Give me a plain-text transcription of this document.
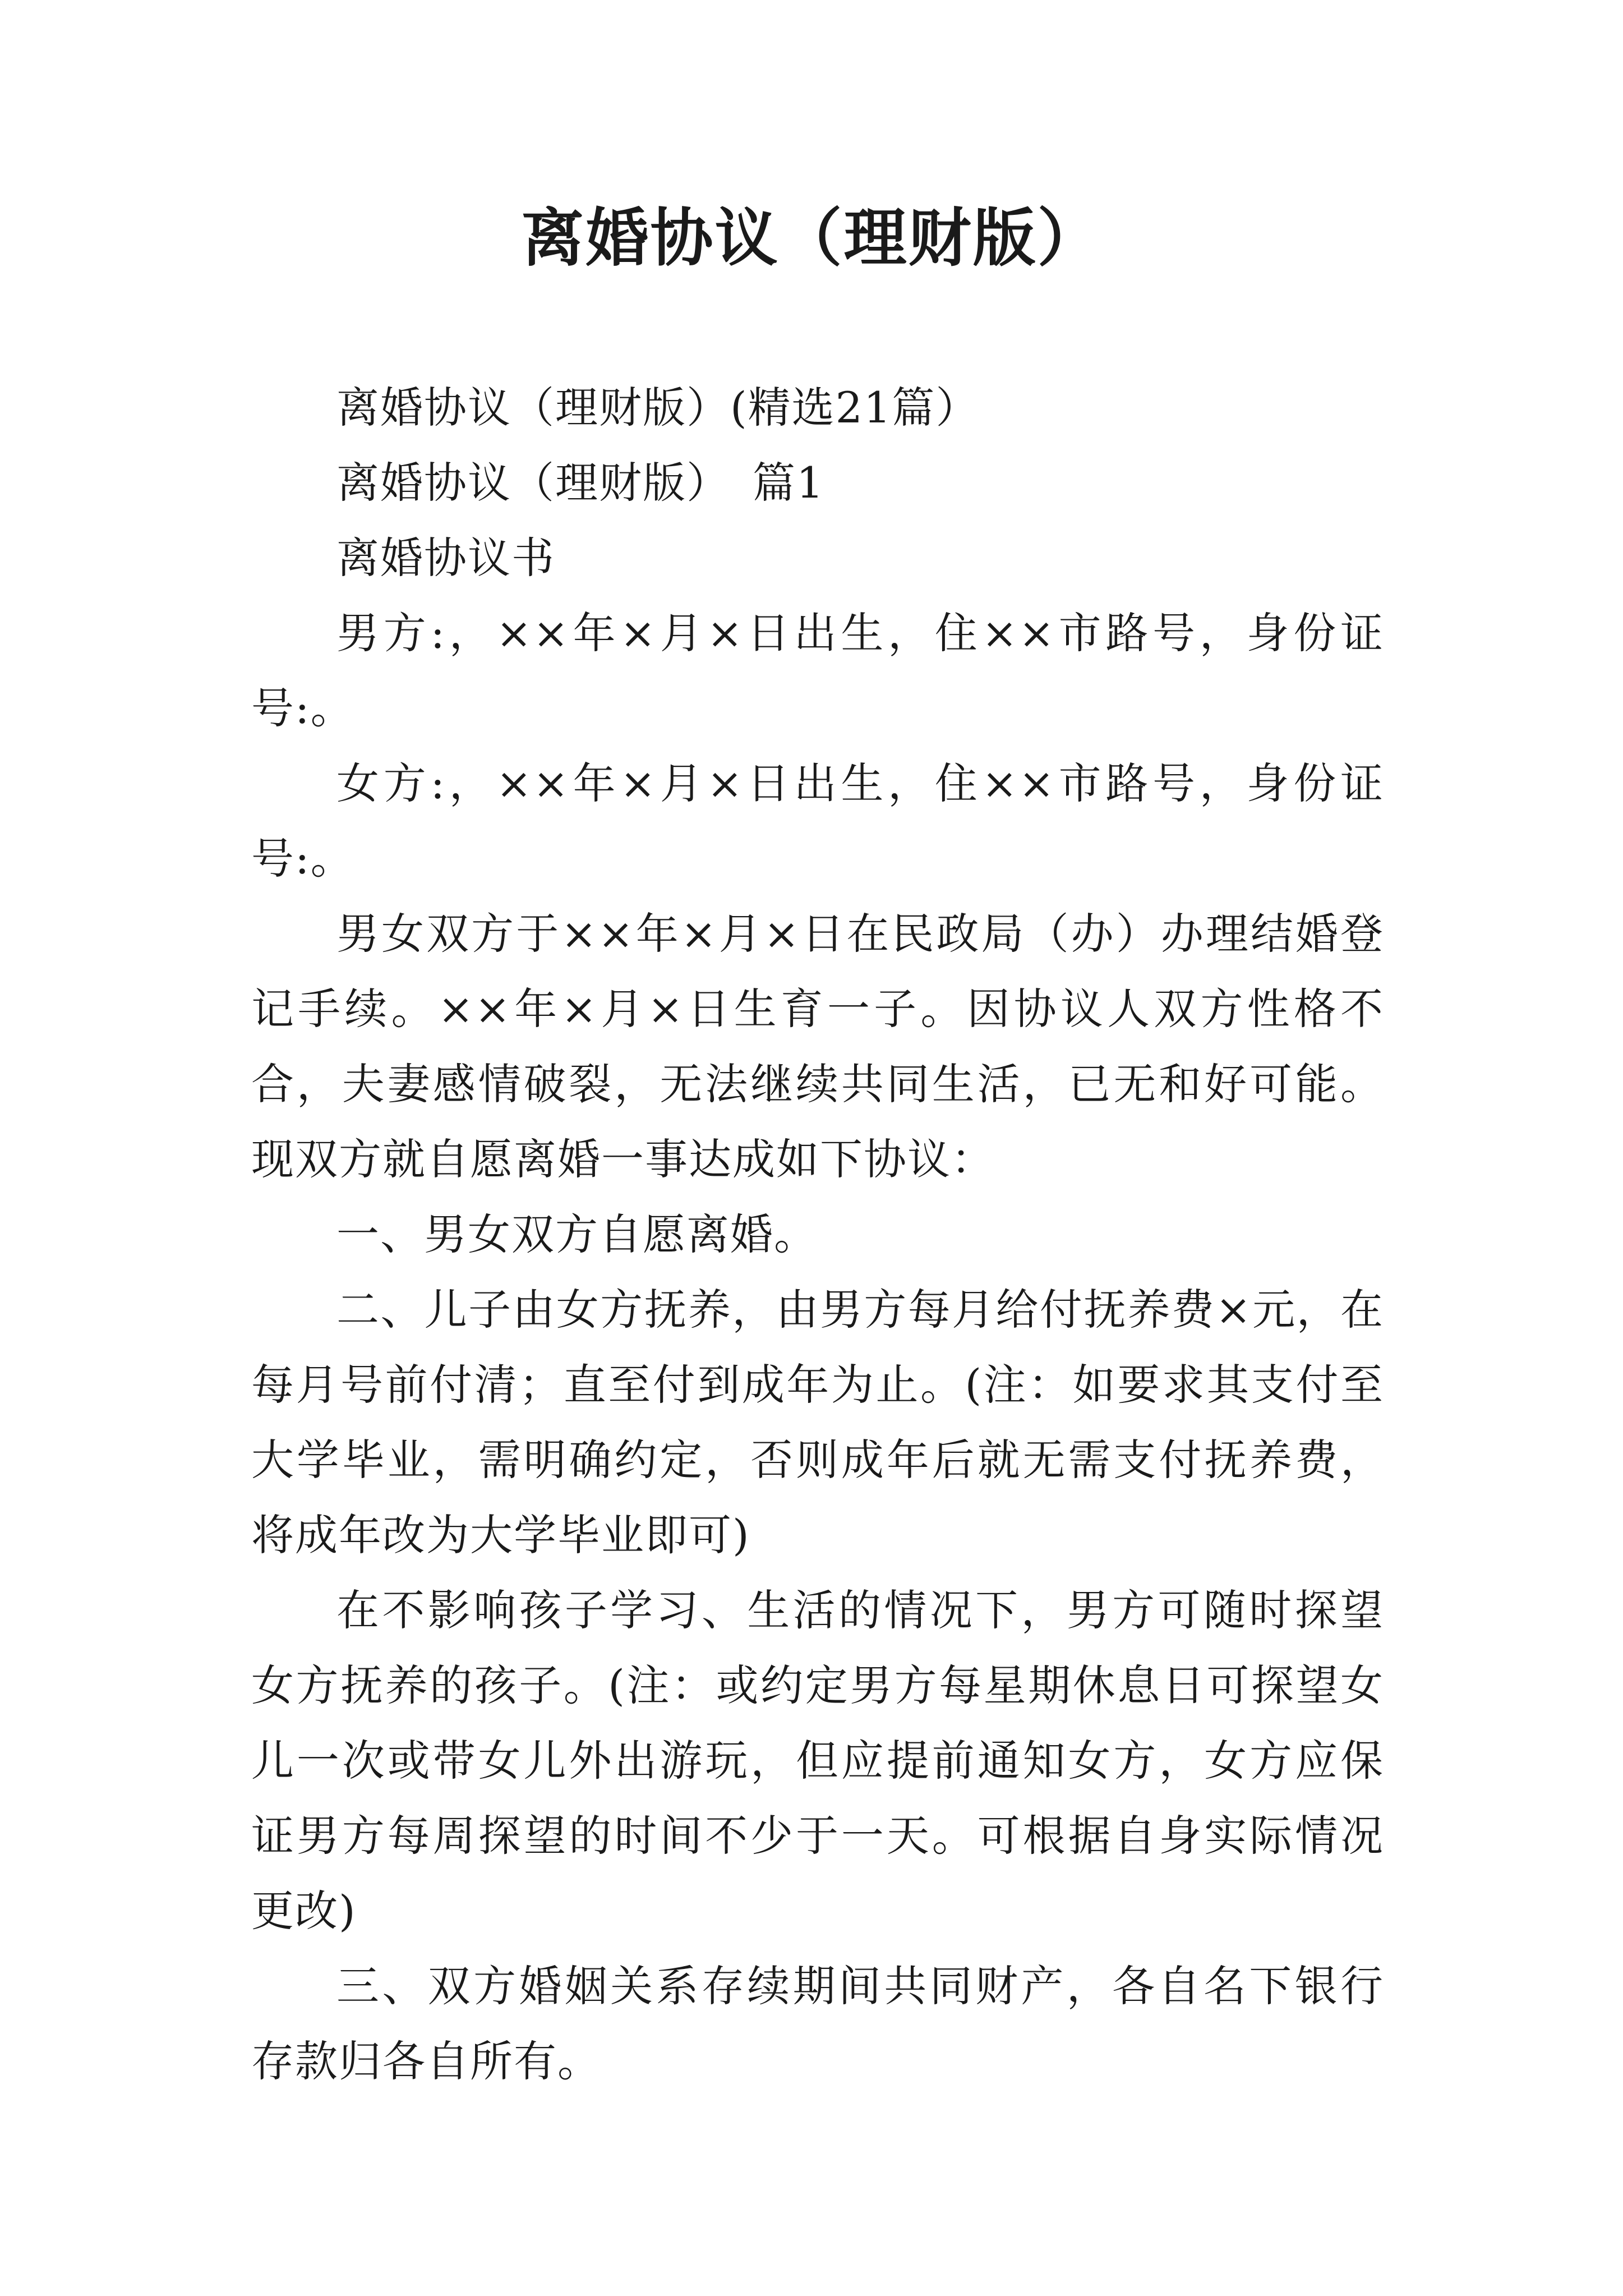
离婚协议（理财版）

离婚协议（理财版）(精选21篇）

离婚协议（理财版）　篇1

离婚协议书

男方:，××年×月×日出生，住××市路号，身份证号:。

女方:，××年×月×日出生，住××市路号，身份证号:。

男女双方于××年×月×日在民政局（办）办理结婚登记手续。××年×月×日生育一子。因协议人双方性格不合，夫妻感情破裂，无法继续共同生活，已无和好可能。现双方就自愿离婚一事达成如下协议：

一、男女双方自愿离婚。

二、儿子由女方抚养，由男方每月给付抚养费×元，在每月号前付清；直至付到成年为止。(注：如要求其支付至大学毕业，需明确约定，否则成年后就无需支付抚养费，将成年改为大学毕业即可)

在不影响孩子学习、生活的情况下，男方可随时探望女方抚养的孩子。(注：或约定男方每星期休息日可探望女儿一次或带女儿外出游玩，但应提前通知女方，女方应保证男方每周探望的时间不少于一天。可根据自身实际情况更改)

三、双方婚姻关系存续期间共同财产，各自名下银行存款归各自所有。
